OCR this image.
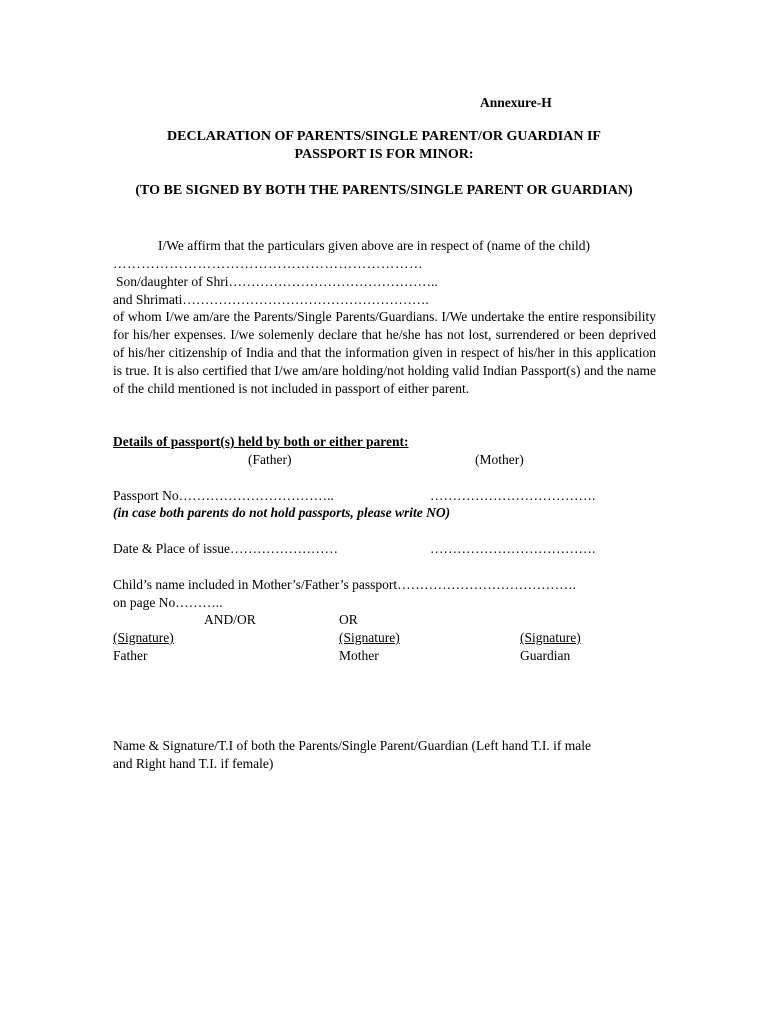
Annexure-H
DECLARATION OF PARENTS/SINGLE PARENT/OR GUARDIAN IF
PASSPORT IS FOR MINOR:
(TO BE SIGNED BY BOTH THE PARENTS/SINGLE PARENT OR GUARDIAN)
I/We affirm that the particulars given above are in respect of (name of the child)
…………………………………………………………
Son/daughter of Shri………………………………………..
and Shrimati……………………………………………….
of whom I/we am/are the Parents/Single Parents/Guardians. I/We undertake the entire responsibility for his/her expenses. I/we solemenly declare that he/she has not lost, surrendered or been deprived of his/her citizenship of India and that the information given in respect of his/her in this application is true. It is also certified that I/we am/are holding/not holding valid Indian Passport(s) and the name of the child mentioned is not included in passport of either parent.
Details of passport(s) held by both or either parent:
(Father)	(Mother)
Passport No……………………………..	……………………………….
(in case both parents do not hold passports, please write NO)
Date & Place of issue……………………	……………………………….
Child’s name included in Mother’s/Father’s passport………………………………….
on page No………..
AND/OR	OR
(Signature)	(Signature)	(Signature)
Father	Mother	Guardian
Name & Signature/T.I of both the Parents/Single Parent/Guardian (Left hand T.I. if male
and Right hand T.I. if female)
